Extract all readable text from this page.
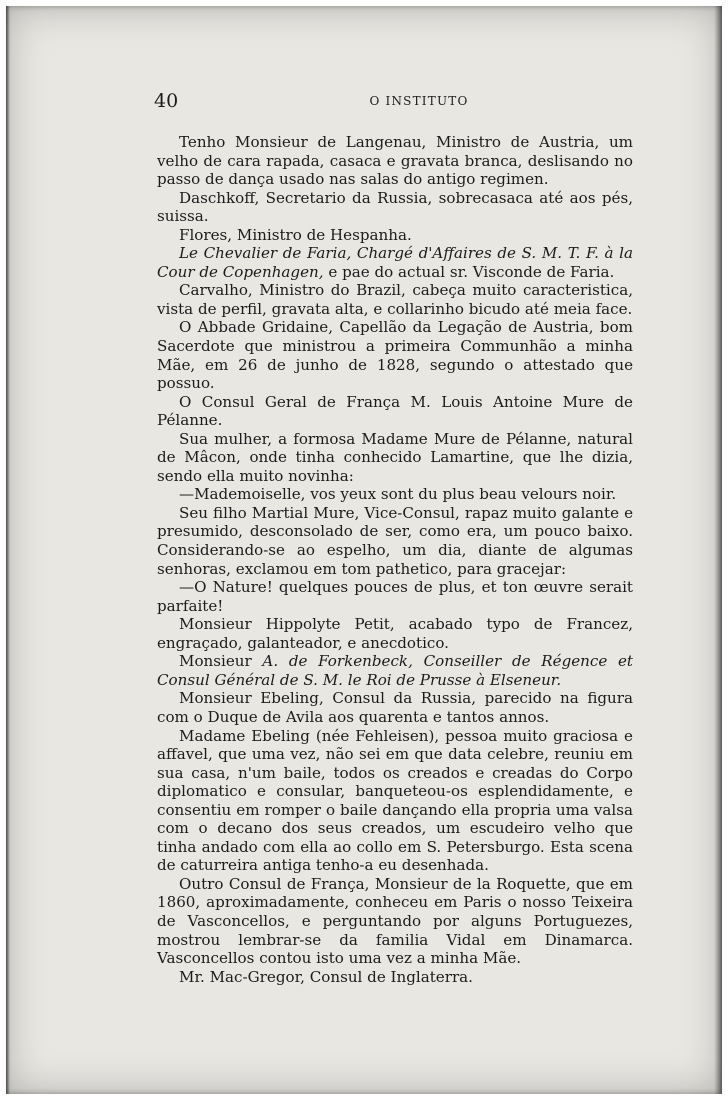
40	O INSTITUTO

Tenho Monsieur de Langenau, Ministro de Austria, um velho de cara rapada, casaca e gravata branca, deslisando no passo de dança usado nas salas do antigo regimen.

Daschkoff, Secretario da Russia, sobrecasaca até aos pés, suissa.

Flores, Ministro de Hespanha.

Le Chevalier de Faria, Chargé d'Affaires de S. M. T. F. à la Cour de Copenhagen, e pae do actual sr. Visconde de Faria.

Carvalho, Ministro do Brazil, cabeça muito caracteristica, vista de perfil, gravata alta, e collarinho bicudo até meia face.

O Abbade Gridaine, Capellão da Legação de Austria, bom Sacerdote que ministrou a primeira Communhão a minha Mãe, em 26 de junho de 1828, segundo o attestado que possuo.

O Consul Geral de França M. Louis Antoine Mure de Pélanne.

Sua mulher, a formosa Madame Mure de Pélanne, natural de Mâcon, onde tinha conhecido Lamartine, que lhe dizia, sendo ella muito novinha:

—Mademoiselle, vos yeux sont du plus beau velours noir.

Seu filho Martial Mure, Vice-Consul, rapaz muito galante e presumido, desconsolado de ser, como era, um pouco baixo. Considerando-se ao espelho, um dia, diante de algumas senhoras, exclamou em tom pathetico, para gracejar:

—O Nature! quelques pouces de plus, et ton œuvre serait parfaite!

Monsieur Hippolyte Petit, acabado typo de Francez, engraçado, galanteador, e anecdotico.

Monsieur A. de Forkenbeck, Conseiller de Régence et Consul Général de S. M. le Roi de Prusse à Elseneur.

Monsieur Ebeling, Consul da Russia, parecido na figura com o Duque de Avila aos quarenta e tantos annos.

Madame Ebeling (née Fehleisen), pessoa muito graciosa e affavel, que uma vez, não sei em que data celebre, reuniu em sua casa, n'um baile, todos os creados e creadas do Corpo diplomatico e consular, banqueteou-os esplendidamente, e consentiu em romper o baile dançando ella propria uma valsa com o decano dos seus creados, um escudeiro velho que tinha andado com ella ao collo em S. Petersburgo. Esta scena de caturreira antiga tenho-a eu desenhada.

Outro Consul de França, Monsieur de la Roquette, que em 1860, aproximadamente, conheceu em Paris o nosso Teixeira de Vasconcellos, e perguntando por alguns Portuguezes, mostrou lembrar-se da familia Vidal em Dinamarca. Vasconcellos contou isto uma vez a minha Mãe.

Mr. Mac-Gregor, Consul de Inglaterra.
